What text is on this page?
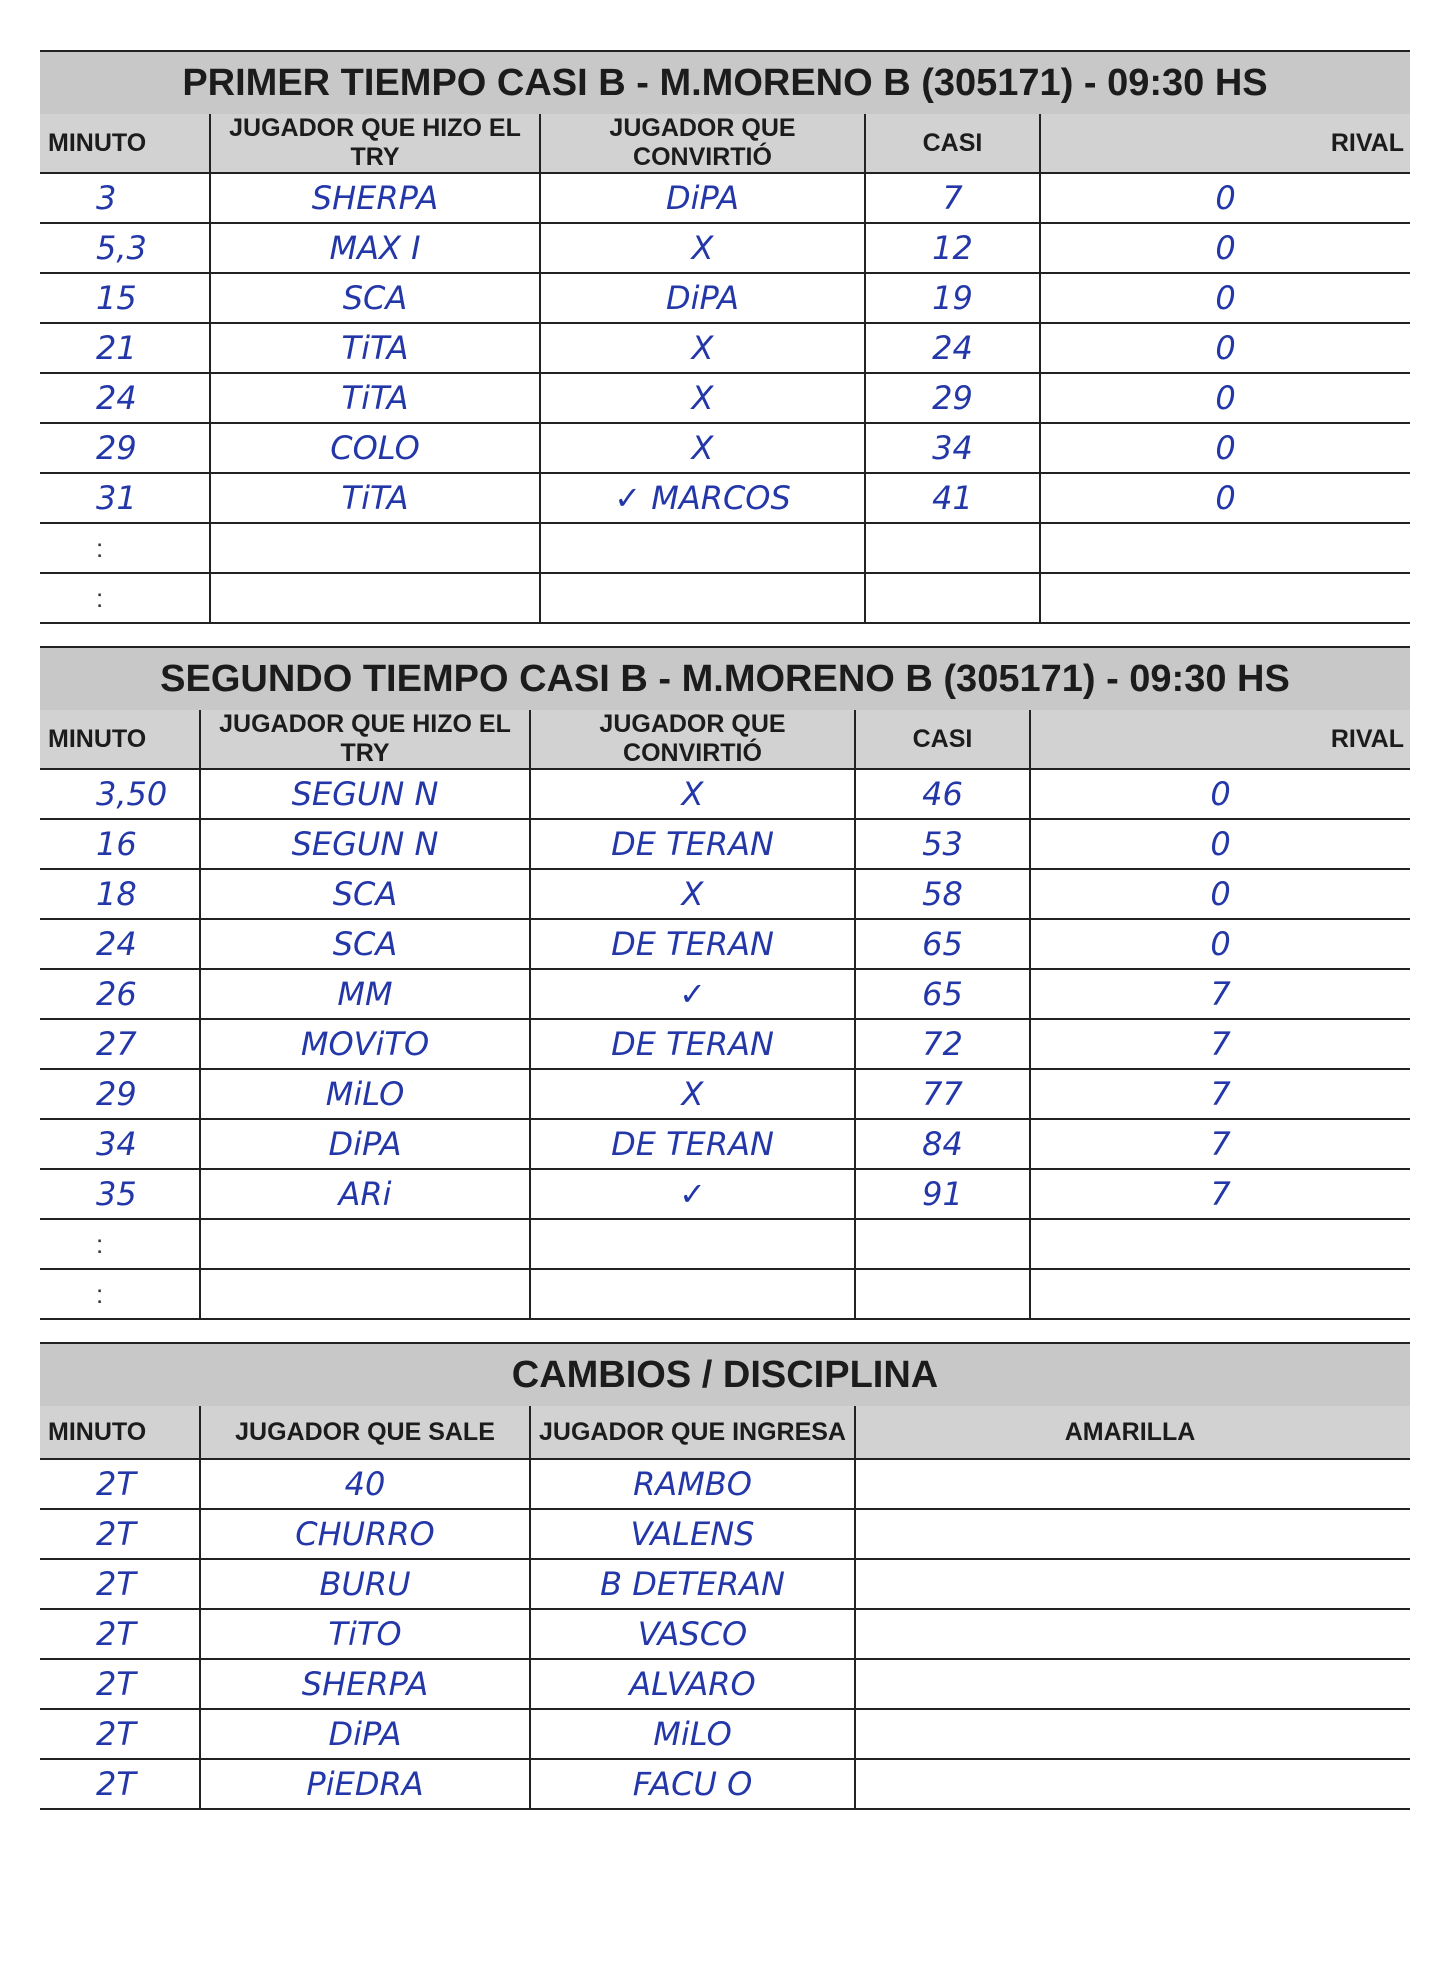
PRIMER TIEMPO CASI B - M.MORENO B (305171) - 09:30 HS
MINUTO	JUGADOR QUE HIZO EL TRY	JUGADOR QUE CONVIRTIÓ	CASI	RIVAL
3	SHERPA	DiPA	7	0
5,3	MAX I	X	12	0
15	SCA	DiPA	19	0
21	TiTA	X	24	0
24	TiTA	X	29	0
29	COLO	X	34	0
31	TiTA	✓ MARCOS	41	0
:				
:				
SEGUNDO TIEMPO CASI B - M.MORENO B (305171) - 09:30 HS
MINUTO	JUGADOR QUE HIZO EL TRY	JUGADOR QUE CONVIRTIÓ	CASI	RIVAL
3,50	SEGUN N	X	46	0
16	SEGUN N	DE TERAN	53	0
18	SCA	X	58	0
24	SCA	DE TERAN	65	0
26	MM	✓	65	7
27	MOViTO	DE TERAN	72	7
29	MiLO	X	77	7
34	DiPA	DE TERAN	84	7
35	ARi	✓	91	7
:				
:				
CAMBIOS / DISCIPLINA
MINUTO	JUGADOR QUE SALE	JUGADOR QUE INGRESA	AMARILLA
2T	40	RAMBO	
2T	CHURRO	VALENS	
2T	BURU	B DETERAN	
2T	TiTO	VASCO	
2T	SHERPA	ALVARO	
2T	DiPA	MiLO	
2T	PiEDRA	FACU O	
